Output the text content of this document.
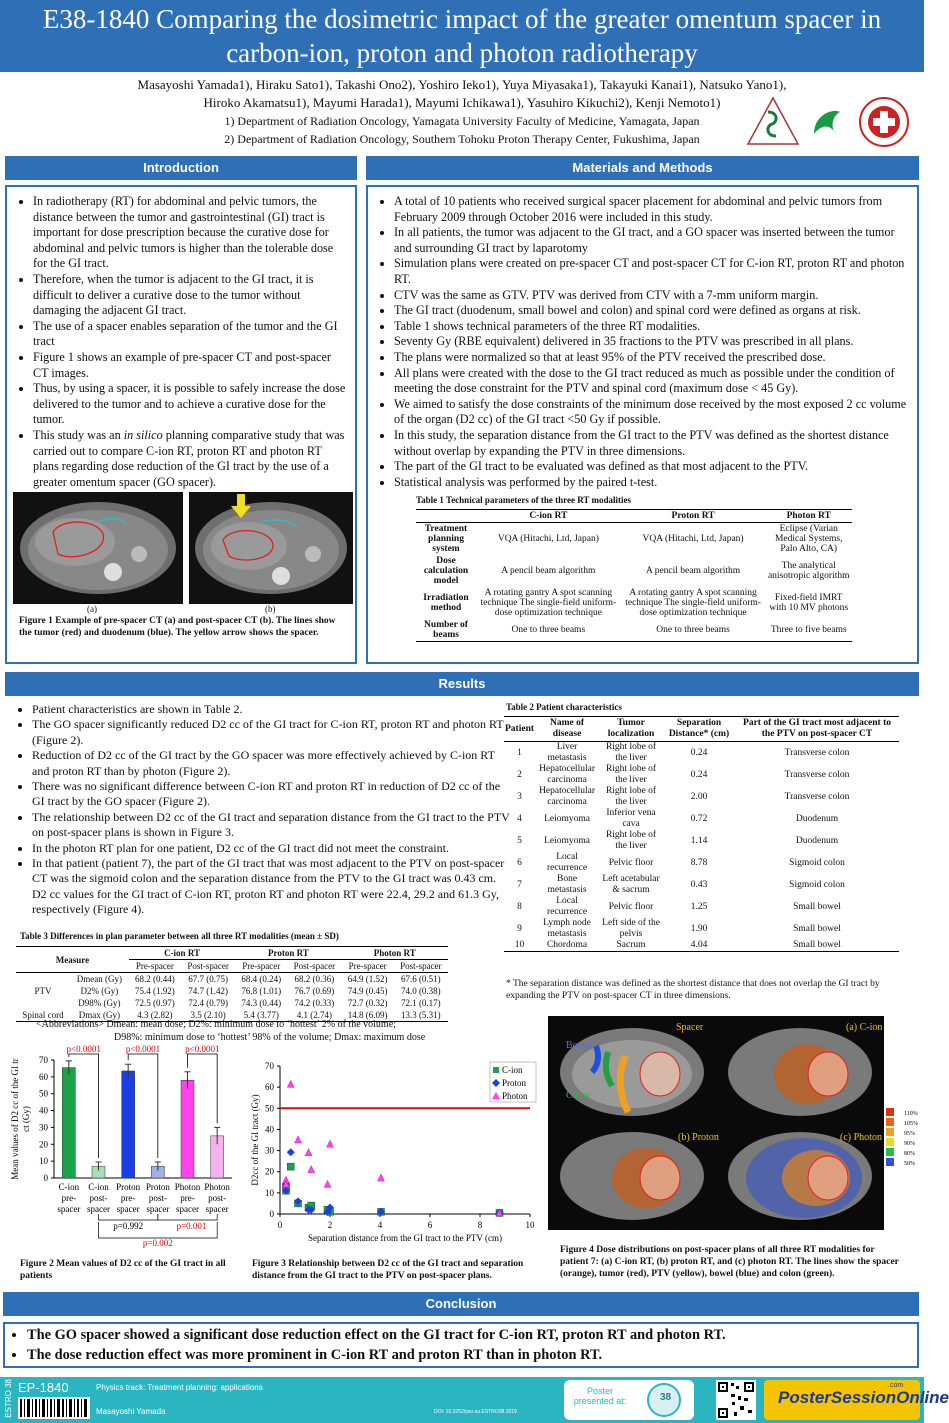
E38-1840 Comparing the dosimetric impact of the greater omentum spacer in
carbon-ion, proton and photon radiotherapy
Masayoshi Yamada1), Hiraku Sato1), Takashi Ono2), Yoshiro Ieko1), Yuya Miyasaka1), Takayuki Kanai1), Natsuko Yano1),
Hiroko Akamatsu1), Mayumi Harada1), Mayumi Ichikawa1), Yasuhiro Kikuchi2), Kenji Nemoto1)
1) Department of Radiation Oncology, Yamagata University Faculty of Medicine, Yamagata, Japan
2) Department of Radiation Oncology, Southern Tohoku Proton Therapy Center, Fukushima, Japan
Introduction
• In radiotherapy (RT) for abdominal and pelvic tumors, the distance between the tumor and gastrointestinal (GI) tract is important for dose prescription because the curative dose for abdominal and pelvic tumors is higher than the tolerable dose for the GI tract.
• Therefore, when the tumor is adjacent to the GI tract, it is difficult to deliver a curative dose to the tumor without damaging the adjacent GI tract.
• The use of a spacer enables separation of the tumor and the GI tract
• Figure 1 shows an example of pre-spacer CT and post-spacer CT images.
• Thus, by using a spacer, it is possible to safely increase the dose delivered to the tumor and to achieve a curative dose for the tumor.
• This study was an in silico planning comparative study that was carried out to compare C-ion RT, proton RT and photon RT plans regarding dose reduction of the GI tract by the use of a greater omentum spacer (GO spacer).
(a)	(b)
Figure 1 Example of pre-spacer CT (a) and post-spacer CT (b). The lines show the tumor (red) and duodenum (blue). The yellow arrow shows the spacer.
Materials and Methods
• A total of 10 patients who received surgical spacer placement for abdominal and pelvic tumors from February 2009 through October 2016 were included in this study.
• In all patients, the tumor was adjacent to the GI tract, and a GO spacer was inserted between the tumor and surrounding GI tract by laparotomy
• Simulation plans were created on pre-spacer CT and post-spacer CT for C-ion RT, proton RT and photon RT.
• CTV was the same as GTV. PTV was derived from CTV with a 7-mm uniform margin.
• The GI tract (duodenum, small bowel and colon) and spinal cord were defined as organs at risk.
• Table 1 shows technical parameters of the three RT modalities.
• Seventy Gy (RBE equivalent) delivered in 35 fractions to the PTV was prescribed in all plans.
• The plans were normalized so that at least 95% of the PTV received the prescribed dose.
• All plans were created with the dose to the GI tract reduced as much as possible under the condition of meeting the dose constraint for the PTV and spinal cord (maximum dose < 45 Gy).
• We aimed to satisfy the dose constraints of the minimum dose received by the most exposed 2 cc volume of the organ (D2 cc) of the GI tract <50 Gy if possible.
• In this study, the separation distance from the GI tract to the PTV was defined as the shortest distance without overlap by expanding the PTV in three dimensions.
• The part of the GI tract to be evaluated was defined as that most adjacent to the PTV.
• Statistical analysis was performed by the paired t-test.
Table 1 Technical parameters of the three RT modalities
	C-ion RT	Proton RT	Photon RT
Treatment planning system	VQA (Hitachi, Ltd, Japan)	VQA (Hitachi, Ltd, Japan)	Eclipse (Varian Medical Systems, Palo Alto, CA)
Dose calculation model	A pencil beam algorithm	A pencil beam algorithm	The analytical anisotropic algorithm
Irradiation method	A rotating gantry A spot scanning technique The single-field uniform-dose optimization technique	A rotating gantry A spot scanning technique The single-field uniform-dose optimization technique	Fixed-field IMRT with 10 MV photons
Number of beams	One to three beams	One to three beams	Three to five beams
Results
• Patient characteristics are shown in Table 2.
• The GO spacer significantly reduced D2 cc of the GI tract for C-ion RT, proton RT and photon RT (Figure 2).
• Reduction of D2 cc of the GI tract by the GO spacer was more effectively achieved by C-ion RT and proton RT than by photon (Figure 2).
• There was no significant difference between C-ion RT and proton RT in reduction of D2 cc of the GI tract by the GO spacer (Figure 2).
• The relationship between D2 cc of the GI tract and separation distance from the GI tract to the PTV on post-spacer plans is shown in Figure 3.
• In the photon RT plan for one patient, D2 cc of the GI tract did not meet the constraint.
• In that patient (patient 7), the part of the GI tract that was most adjacent to the PTV on post-spacer CT was the sigmoid colon and the separation distance from the PTV to the GI tract was 0.43 cm. D2 cc values for the GI tract of C-ion RT, proton RT and photon RT were 22.4, 29.2 and 61.3 Gy, respectively (Figure 4).
Table 3 Differences in plan parameter between all three RT modalities (mean ± SD)
Measure		C-ion RT		Proton RT		Photon RT	
		Pre-spacer	Post-spacer	Pre-spacer	Post-spacer	Pre-spacer	Post-spacer
	Dmean (Gy)	68.2 (0.44)	67.7 (0.75)	68.4 (0.24)	68.2 (0.36)	64.9 (1.52)	67.6 (0.51)
PTV	D2% (Gy)	75.4 (1.92)	74.7 (1.42)	76.8 (1.01)	76.7 (0.69)	74.9 (0.45)	74.0 (0.38)
	D98% (Gy)	72.5 (0.97)	72.4 (0.79)	74.3 (0.44)	74.2 (0.33)	72.7 (0.32)	72.1 (0.17)
Spinal cord	Dmax (Gy)	4.3 (2.82)	3.5 (2.10)	5.4 (3.77)	4.1 (2.74)	14.8 (6.09)	13.3 (5.31)
<Abbreviations> Dmean: mean dose; D2%: minimum dose to ‘hottest’ 2% of the volume;
D98%: minimum dose to ‘hottest’ 98% of the volume; Dmax: maximum dose
Table 2 Patient characteristics
Patient	Name of disease	Tumor localization	Separation Distance* (cm)	Part of the GI tract most adjacent to the PTV on post-spacer CT
1	Liver metastasis	Right lobe of the liver	0.24	Transverse colon
2	Hepatocellular carcinoma	Right lobe of the liver	0.24	Transverse colon
3	Hepatocellular carcinoma	Right lobe of the liver	2.00	Transverse colon
4	Leiomyoma	Inferior vena cava	0.72	Duodenum
5	Leiomyoma	Right lobe of the liver	1.14	Duodenum
6	Local recurrence	Pelvic floor	8.78	Sigmoid colon
7	Bone metastasis	Left acetabular & sacrum	0.43	Sigmoid colon
8	Local recurrence	Pelvic floor	1.25	Small bowel
9	Lymph node metastasis	Left side of the pelvis	1.90	Small bowel
10	Chordoma	Sacrum	4.04	Small bowel
* The separation distance was defined as the shortest distance that does not overlap the GI tract by expanding the PTV on post-spacer CT in three dimensions.
0
10
20
30
40
50
60
70
C-ion
pre-
spacer
C-ion
post-
spacer
Proton
pre-
spacer
Proton
post-
spacer
Photon
pre-
spacer
Photon
post-
spacer
Mean values of D2 cc of the GI trct (Gy)
p<0.0001	p<0.0001	p<0.0001
p=0.992	p=0.001
p=0.002
Figure 2 Mean values of D2 cc of the GI tract in all patients
0
10
20
30
40
50
60
70
0	2	4	6	8	10
Separation distance from the GI tract to the PTV (cm)
D2cc of the GI tract (Gy)
C-ion
Proton
Photon
Figure 3 Relationship between D2 cc of the GI tract and separation distance from the GI tract to the PTV on post-spacer plans.
Spacer
Bowel
Colon
(a) C-ion
(b) Proton	(c) Photon
110%
105%
95%
90%
80%
50%
Figure 4 Dose distributions on post-spacer plans of all three RT modalities for patient 7: (a) C-ion RT, (b) proton RT, and (c) photon RT. The lines show the spacer (orange), tumor (red), PTV (yellow), bowel (blue) and colon (green).
Conclusion
• The GO spacer showed a significant dose reduction effect on the GI tract for C-ion RT, proton RT and photon RT.
• The dose reduction effect was more prominent in C-ion RT and proton RT than in photon RT.
ESTRO 38 EP-1840	Physics track: Treatment planning: applications
Masayoshi Yamada	DOI: 10.3252/pso.eu.ESTRO38.2019
Poster presented at:	38	PosterSessionOnline
.com
